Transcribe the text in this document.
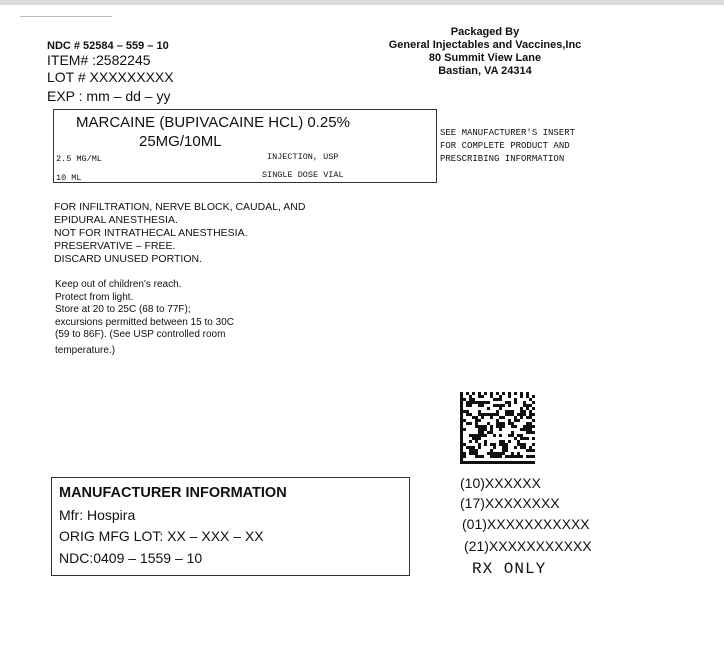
NDC # 52584 – 559 – 10
ITEM# :2582245
LOT # XXXXXXXXX
EXP : mm – dd – yy
Packaged By
General Injectables and Vaccines,Inc
80 Summit View Lane
Bastian, VA 24314
MARCAINE (BUPIVACAINE HCL) 0.25%
25MG/10ML
2.5 MG/ML	INJECTION, USP
10 ML	SINGLE DOSE VIAL
SEE MANUFACTURER'S INSERT
FOR COMPLETE PRODUCT AND
PRESCRIBING INFORMATION
FOR INFILTRATION, NERVE BLOCK, CAUDAL, AND
EPIDURAL ANESTHESIA.
NOT FOR INTRATHECAL ANESTHESIA.
PRESERVATIVE – FREE.
DISCARD UNUSED PORTION.
Keep out of children's reach.
Protect from light.
Store at 20 to 25C (68 to 77F);
excursions permitted between 15 to 30C
(59 to 86F). (See USP controlled room
temperature.)
MANUFACTURER INFORMATION
Mfr: Hospira
ORIG MFG LOT: XX – XXX – XX
NDC:0409 – 1559 – 10
(10)XXXXXX
(17)XXXXXXXX
(01)XXXXXXXXXXX
(21)XXXXXXXXXXX
RX ONLY
